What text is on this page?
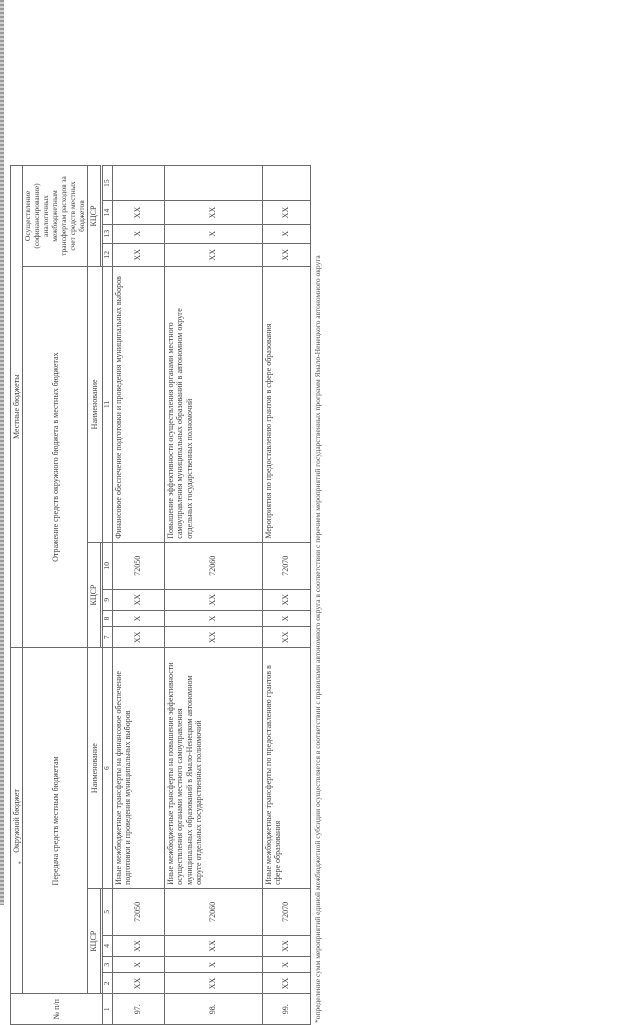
•
№ п/п	Окружной бюджет					Местные бюджеты								
	Передача средств местным бюджетам					Отражение средств окружного бюджета в местных бюджетах					Осуществление (софинансирование) аналогичных межбюджетным трансфертам расходов за счет средств местных бюджетов			
	КЦСР				Наименование	КЦСР				Наименование	КЦСР			

1	2	3	4	5	6	7	8	9	10	11	12	13	14	15
97.	ХХ	Х	ХХ	72050	Иные межбюджетные трансферты на финансовое обеспечение подготовки и проведения муниципальных выборов	ХХ	Х	ХХ	72050	Финансовое обеспечение подготовки и проведения муниципальных выборов	ХХ	Х	ХХ	
98.	ХХ	Х	ХХ	72060	Иные межбюджетные трансферты на повышение эффективности осуществления органами местного самоуправления муниципальных образований в Ямало-Ненецком автономном округе отдельных государственных полномочий	ХХ	Х	ХХ	72060	Повышение эффективности осуществления органами местного самоуправления муниципальных образований в автономном округе отдельных государственных полномочий	ХХ	Х	ХХ	
99.	ХХ	Х	ХХ	72070	Иные межбюджетные трансферты по предоставлению грантов в сфере образования	ХХ	Х	ХХ	72070	Мероприятия по предоставлению грантов в сфере образования	ХХ	Х	ХХ	
*определение сумм мероприятий единой межбюджетной субсидии осуществляется в соответствии с правилами автономного округа в соответствии с перечнем мероприятий государственных программ Ямало-Ненецкого автономного округа
